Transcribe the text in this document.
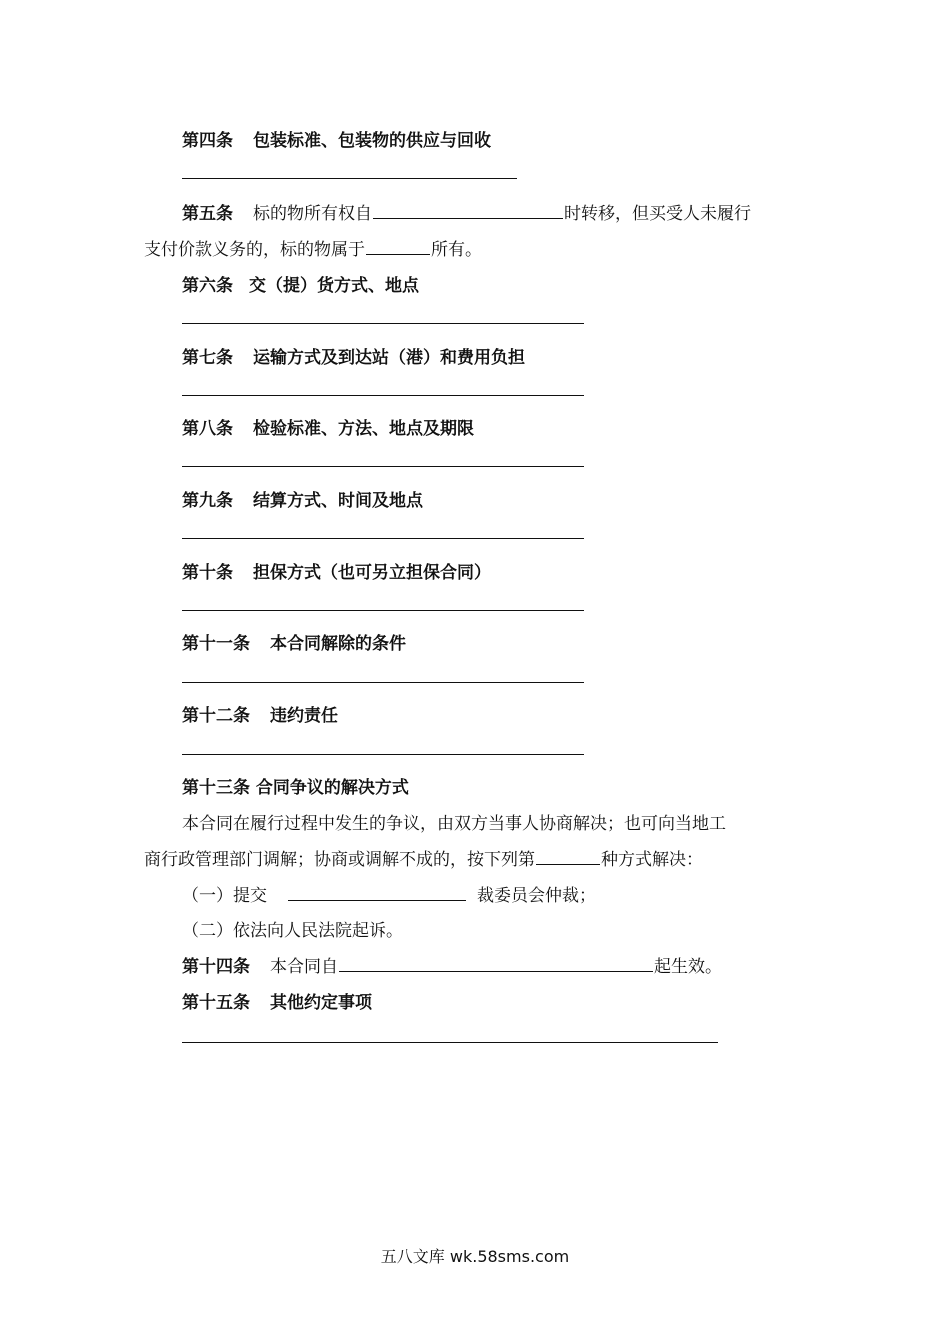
第四条 包装标准、包装物的供应与回收
第五条 标的物所有权自	时转移，但买受人未履行
支付价款义务的，标的物属于	所有。
第六条 交（提）货方式、地点
第七条 运输方式及到达站（港）和费用负担
第八条 检验标准、方法、地点及期限
第九条 结算方式、时间及地点
第十条 担保方式（也可另立担保合同）
第十一条 本合同解除的条件
第十二条 违约责任
第十三条 合同争议的解决方式
本合同在履行过程中发生的争议，由双方当事人协商解决；也可向当地工
商行政管理部门调解；协商或调解不成的，按下列第	种方式解决：
（一）提交	裁委员会仲裁；
（二）依法向人民法院起诉。
第十四条 本合同自	起生效。
第十五条 其他约定事项
五八文库 wk.58sms.com
